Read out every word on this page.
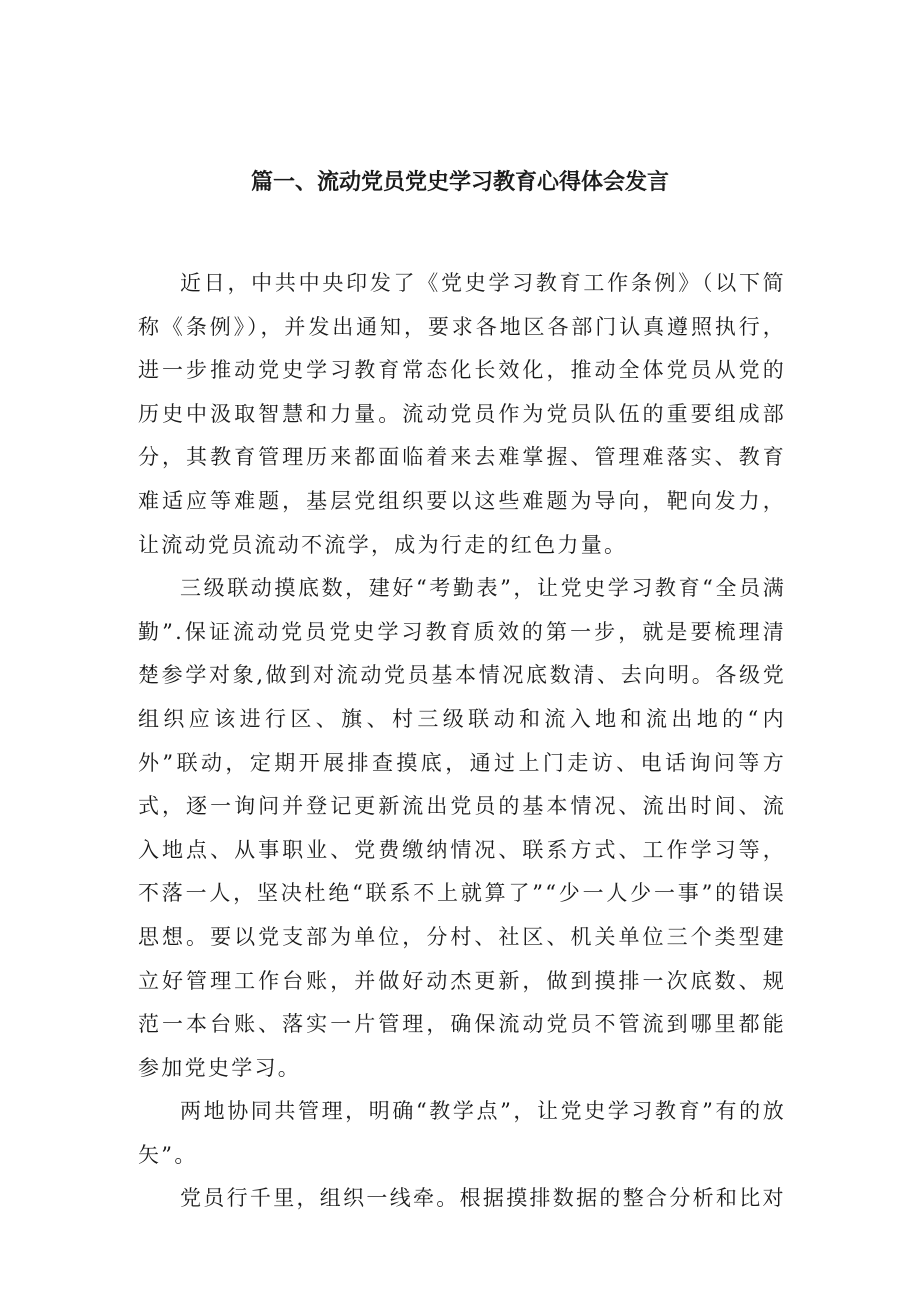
篇一、流动党员党史学习教育心得体会发言

近日，中共中央印发了《党史学习教育工作条例》（以下简称《条例》），并发出通知，要求各地区各部门认真遵照执行，进一步推动党史学习教育常态化长效化，推动全体党员从党的历史中汲取智慧和力量。流动党员作为党员队伍的重要组成部分，其教育管理历来都面临着来去难掌握、管理难落实、教育难适应等难题，基层党组织要以这些难题为导向，靶向发力，让流动党员流动不流学，成为行走的红色力量。

三级联动摸底数，建好“考勤表”，让党史学习教育“全员满勤”.保证流动党员党史学习教育质效的第一步，就是要梳理清楚参学对象,做到对流动党员基本情况底数清、去向明。各级党组织应该进行区、旗、村三级联动和流入地和流出地的“内外”联动，定期开展排查摸底，通过上门走访、电话询问等方式，逐一询问并登记更新流出党员的基本情况、流出时间、流入地点、从事职业、党费缴纳情况、联系方式、工作学习等，不落一人，坚决杜绝“联系不上就算了”“少一人少一事”的错误思想。要以党支部为单位，分村、社区、机关单位三个类型建立好管理工作台账，并做好动杰更新，做到摸排一次底数、规范一本台账、落实一片管理，确保流动党员不管流到哪里都能参加党史学习。

两地协同共管理，明确“教学点”，让党史学习教育”有的放矢”。

党员行千里，组织一线牵。根据摸排数据的整合分析和比对
